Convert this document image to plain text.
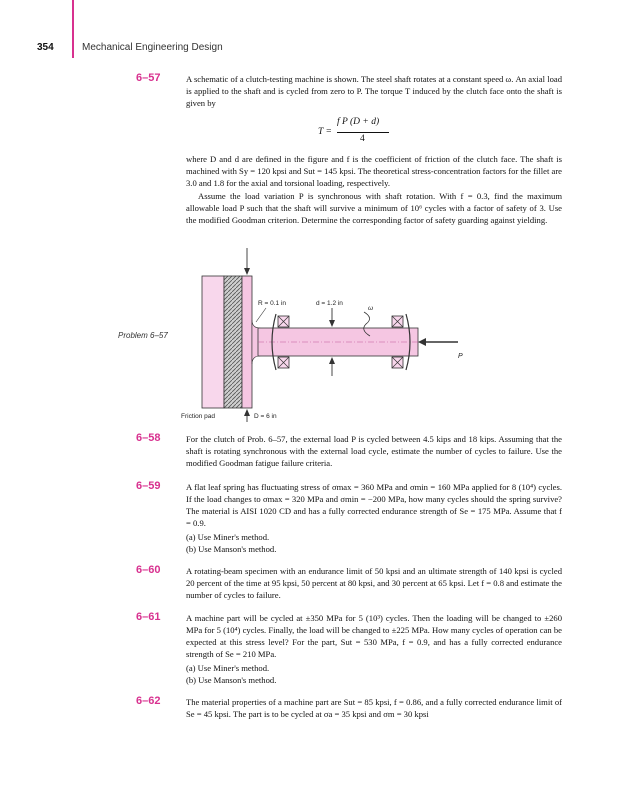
354	Mechanical Engineering Design
6–57	A schematic of a clutch-testing machine is shown. The steel shaft rotates at a constant speed ω. An axial load is applied to the shaft and is cycled from zero to P. The torque T induced by the clutch face onto the shaft is given by

T =
f P (D + d)
4

where D and d are defined in the figure and f is the coefficient of friction of the clutch face. The shaft is machined with Sy = 120 kpsi and Sut = 145 kpsi. The theoretical stress-concentration factors for the fillet are 3.0 and 1.8 for the axial and torsional loading, respectively.

Assume the load variation P is synchronous with shaft rotation. With f = 0.3, find the maximum allowable load P such that the shaft will survive a minimum of 10⁶ cycles with a factor of safety of 3. Use the modified Goodman criterion. Determine the corresponding factor of safety guarding against yielding.

Problem 6–57
R = 0.1 in	d = 1.2 in
ω
P
Friction pad	D = 6 in
6–58	For the clutch of Prob. 6–57, the external load P is cycled between 4.5 kips and 18 kips. Assuming that the shaft is rotating synchronous with the external load cycle, estimate the number of cycles to failure. Use the modified Goodman fatigue failure criteria.

6–59	A flat leaf spring has fluctuating stress of σmax = 360 MPa and σmin = 160 MPa applied for 8 (10⁴) cycles. If the load changes to σmax = 320 MPa and σmin = −200 MPa, how many cycles should the spring survive? The material is AISI 1020 CD and has a fully corrected endurance strength of Se = 175 MPa. Assume that f = 0.9.

(a) Use Miner's method.
(b) Use Manson's method.
6–60	A rotating-beam specimen with an endurance limit of 50 kpsi and an ultimate strength of 140 kpsi is cycled 20 percent of the time at 95 kpsi, 50 percent at 80 kpsi, and 30 percent at 65 kpsi. Let f = 0.8 and estimate the number of cycles to failure.

6–61	A machine part will be cycled at ±350 MPa for 5 (10³) cycles. Then the loading will be changed to ±260 MPa for 5 (10⁴) cycles. Finally, the load will be changed to ±225 MPa. How many cycles of operation can be expected at this stress level? For the part, Sut = 530 MPa, f = 0.9, and has a fully corrected endurance strength of Se = 210 MPa.

(a) Use Miner's method.
(b) Use Manson's method.
6–62	The material properties of a machine part are Sut = 85 kpsi, f = 0.86, and a fully corrected endurance limit of Se = 45 kpsi. The part is to be cycled at σa = 35 kpsi and σm = 30 kpsi
